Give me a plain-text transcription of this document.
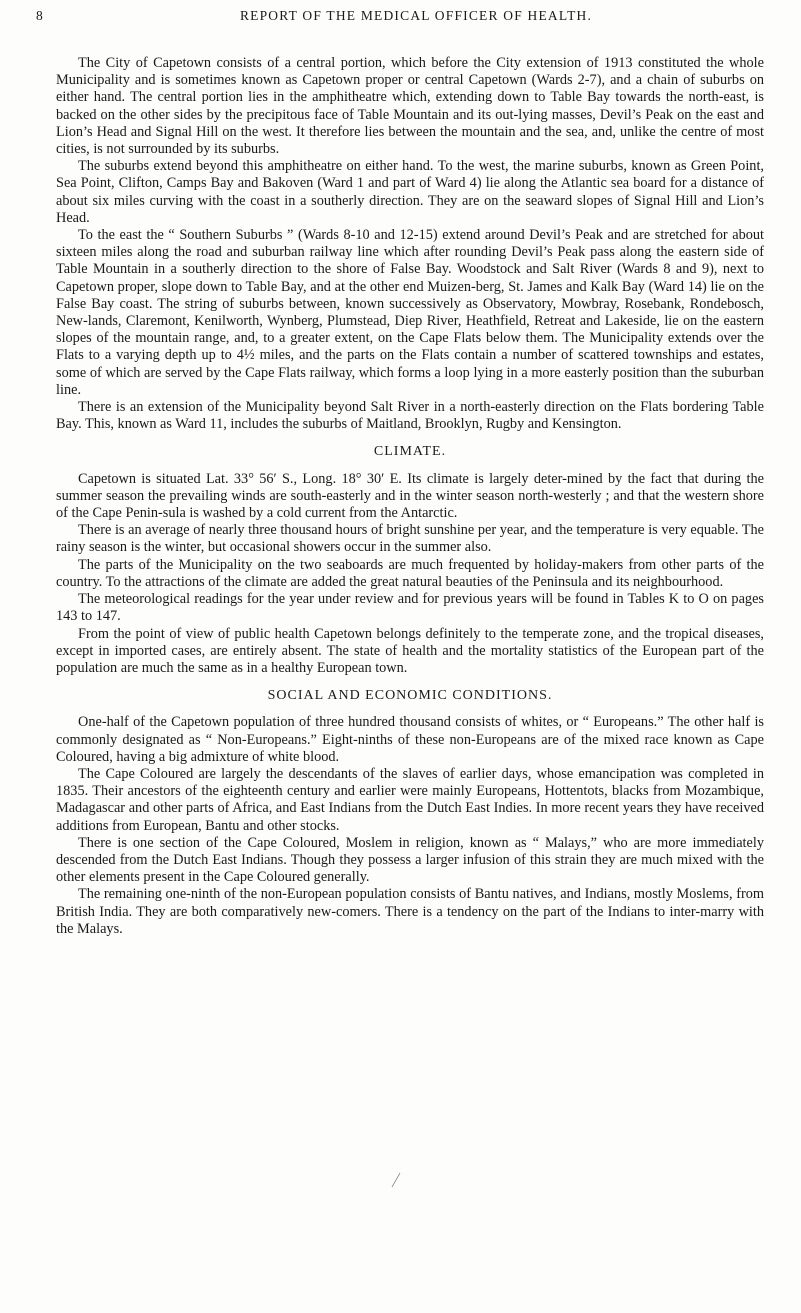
8	REPORT OF THE MEDICAL OFFICER OF HEALTH.

The City of Capetown consists of a central portion, which before the City extension of 1913 constituted the whole Municipality and is sometimes known as Capetown proper or central Capetown (Wards 2-7), and a chain of suburbs on either hand. The central portion lies in the amphitheatre which, extending down to Table Bay towards the north-east, is backed on the other sides by the precipitous face of Table Mountain and its out-lying masses, Devil’s Peak on the east and Lion’s Head and Signal Hill on the west. It therefore lies between the mountain and the sea, and, unlike the centre of most cities, is not surrounded by its suburbs.

The suburbs extend beyond this amphitheatre on either hand. To the west, the marine suburbs, known as Green Point, Sea Point, Clifton, Camps Bay and Bakoven (Ward 1 and part of Ward 4) lie along the Atlantic sea board for a distance of about six miles curving with the coast in a southerly direction. They are on the seaward slopes of Signal Hill and Lion’s Head.

To the east the “ Southern Suburbs ” (Wards 8-10 and 12-15) extend around Devil’s Peak and are stretched for about sixteen miles along the road and suburban railway line which after rounding Devil’s Peak pass along the eastern side of Table Mountain in a southerly direction to the shore of False Bay. Woodstock and Salt River (Wards 8 and 9), next to Capetown proper, slope down to Table Bay, and at the other end Muizen-berg, St. James and Kalk Bay (Ward 14) lie on the False Bay coast. The string of suburbs between, known successively as Observatory, Mowbray, Rosebank, Rondebosch, New-lands, Claremont, Kenilworth, Wynberg, Plumstead, Diep River, Heathfield, Retreat and Lakeside, lie on the eastern slopes of the mountain range, and, to a greater extent, on the Cape Flats below them. The Municipality extends over the Flats to a varying depth up to 4½ miles, and the parts on the Flats contain a number of scattered townships and estates, some of which are served by the Cape Flats railway, which forms a loop lying in a more easterly position than the suburban line.

There is an extension of the Municipality beyond Salt River in a north-easterly direction on the Flats bordering Table Bay. This, known as Ward 11, includes the suburbs of Maitland, Brooklyn, Rugby and Kensington.

CLIMATE.

Capetown is situated Lat. 33° 56′ S., Long. 18° 30′ E. Its climate is largely deter-mined by the fact that during the summer season the prevailing winds are south-easterly and in the winter season north-westerly ; and that the western shore of the Cape Penin-sula is washed by a cold current from the Antarctic.

There is an average of nearly three thousand hours of bright sunshine per year, and the temperature is very equable. The rainy season is the winter, but occasional showers occur in the summer also.

The parts of the Municipality on the two seaboards are much frequented by holiday-makers from other parts of the country. To the attractions of the climate are added the great natural beauties of the Peninsula and its neighbourhood.

The meteorological readings for the year under review and for previous years will be found in Tables K to O on pages 143 to 147.

From the point of view of public health Capetown belongs definitely to the temperate zone, and the tropical diseases, except in imported cases, are entirely absent. The state of health and the mortality statistics of the European part of the population are much the same as in a healthy European town.

SOCIAL AND ECONOMIC CONDITIONS.

One-half of the Capetown population of three hundred thousand consists of whites, or “ Europeans.” The other half is commonly designated as “ Non-Europeans.” Eight-ninths of these non-Europeans are of the mixed race known as Cape Coloured, having a big admixture of white blood.

The Cape Coloured are largely the descendants of the slaves of earlier days, whose emancipation was completed in 1835. Their ancestors of the eighteenth century and earlier were mainly Europeans, Hottentots, blacks from Mozambique, Madagascar and other parts of Africa, and East Indians from the Dutch East Indies. In more recent years they have received additions from European, Bantu and other stocks.

There is one section of the Cape Coloured, Moslem in religion, known as “ Malays,” who are more immediately descended from the Dutch East Indians. Though they possess a larger infusion of this strain they are much mixed with the other elements present in the Cape Coloured generally.

The remaining one-ninth of the non-European population consists of Bantu natives, and Indians, mostly Moslems, from British India. They are both comparatively new-comers. There is a tendency on the part of the Indians to inter-marry with the Malays.
